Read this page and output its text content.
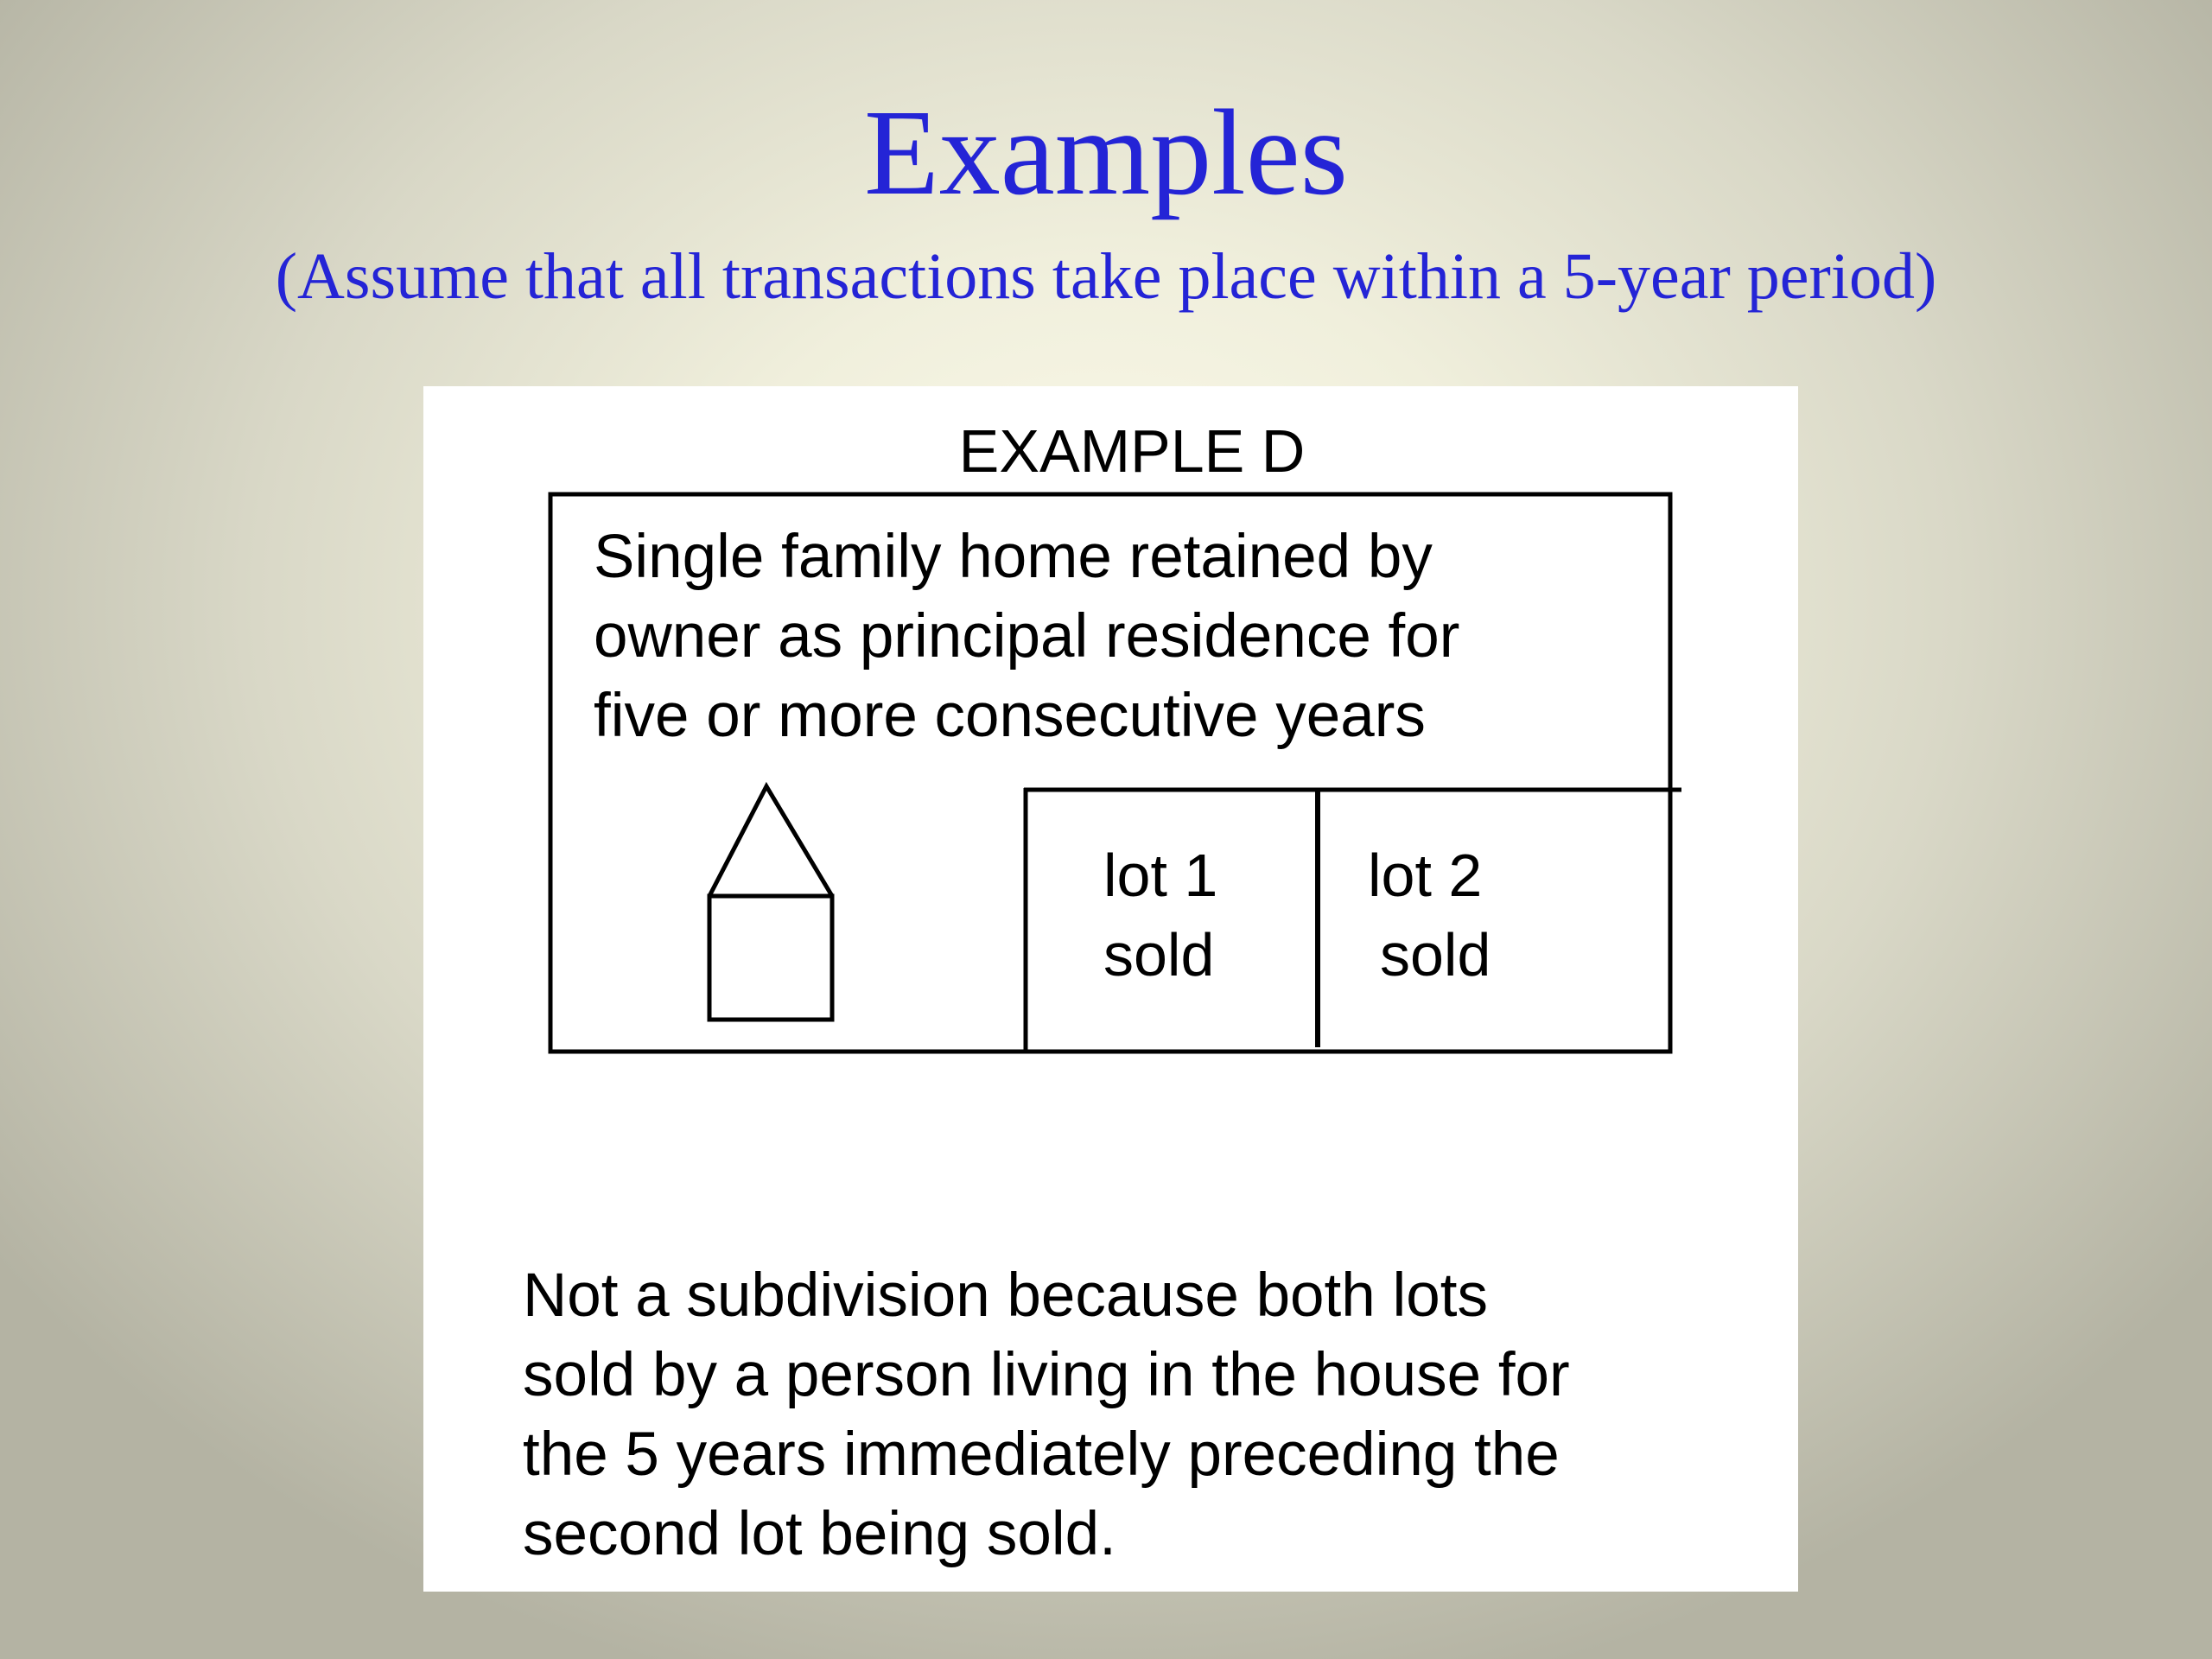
Examples
(Assume that all transactions take place within a 5-year period)
EXAMPLE D
Single family home retained by
owner as principal residence for
five or more consecutive years
lot 1
sold
lot 2
sold
Not a subdivision because both lots
sold by a person living in the house for
the 5 years immediately preceding the
second lot being sold.
